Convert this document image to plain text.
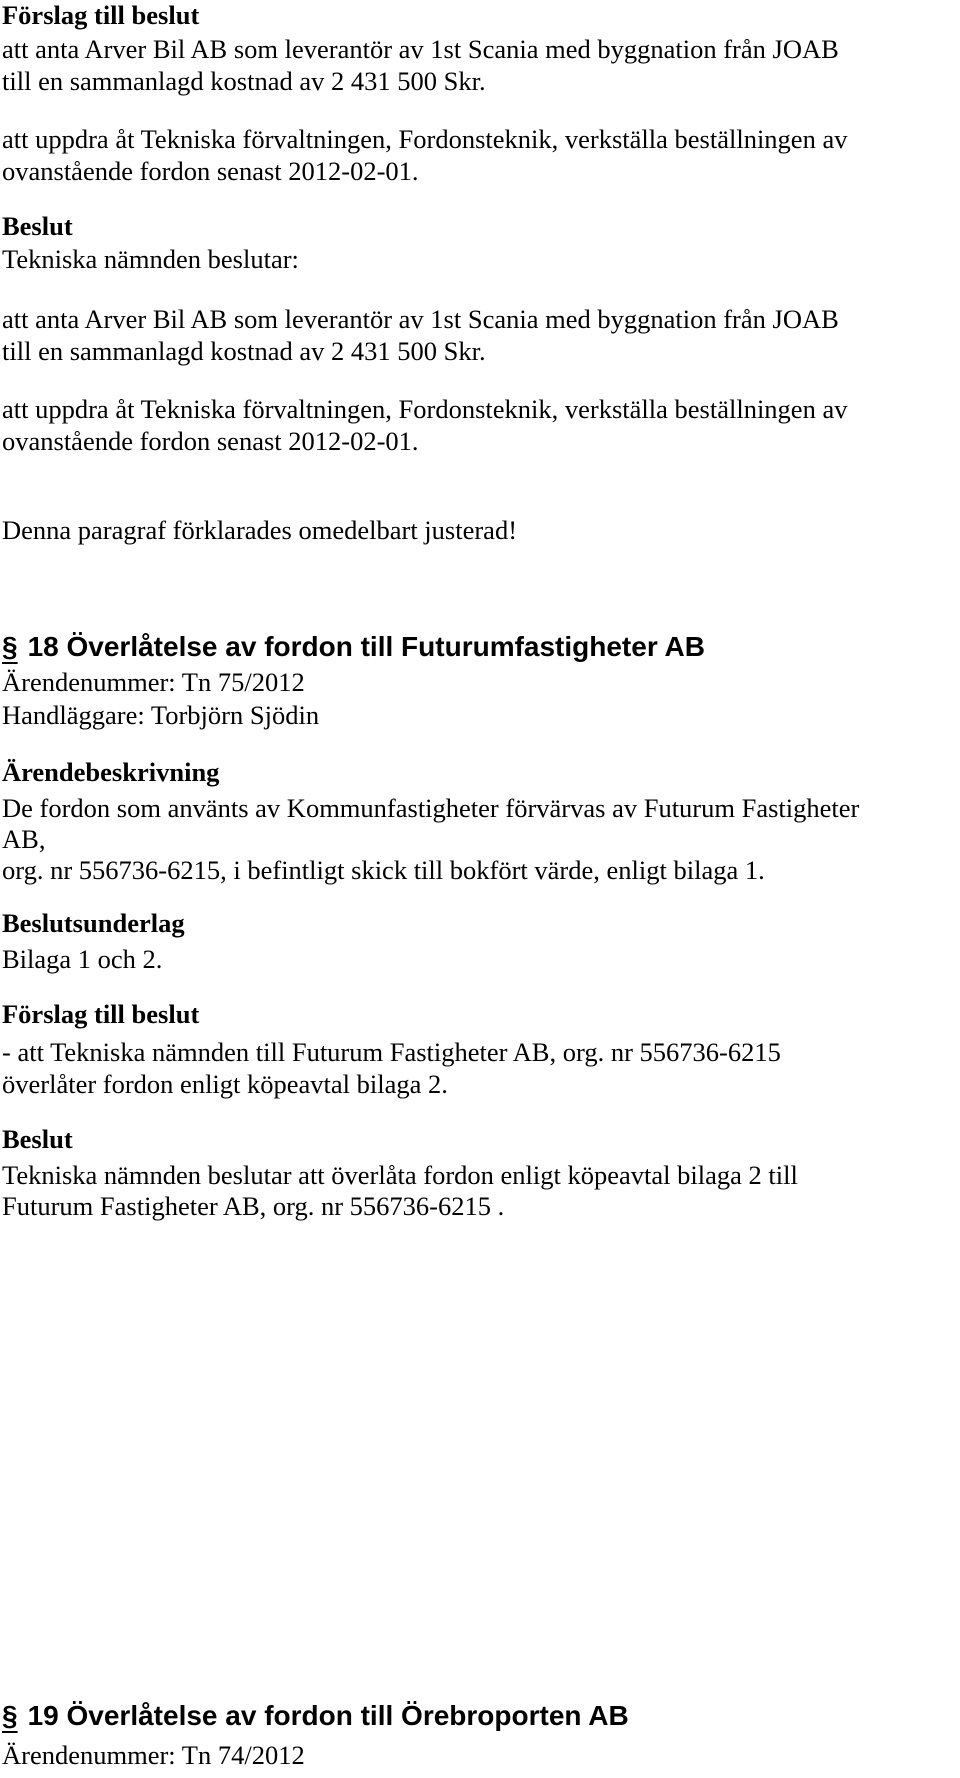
Förslag till beslut
att anta Arver Bil AB som leverantör av 1st Scania med byggnation från JOAB
till en sammanlagd kostnad av 2 431 500 Skr.
att uppdra åt Tekniska förvaltningen, Fordonsteknik, verkställa beställningen av
ovanstående fordon senast 2012-02-01.
Beslut
Tekniska nämnden beslutar:
att anta Arver Bil AB som leverantör av 1st Scania med byggnation från JOAB
till en sammanlagd kostnad av 2 431 500 Skr.
att uppdra åt Tekniska förvaltningen, Fordonsteknik, verkställa beställningen av
ovanstående fordon senast 2012-02-01.
Denna paragraf förklarades omedelbart justerad!
§ 18 Överlåtelse av fordon till Futurumfastigheter AB
Ärendenummer: Tn 75/2012
Handläggare: Torbjörn Sjödin
Ärendebeskrivning
De fordon som använts av Kommunfastigheter förvärvas av Futurum Fastigheter
AB,
org. nr 556736-6215, i befintligt skick till bokfört värde, enligt bilaga 1.
Beslutsunderlag
Bilaga 1 och 2.
Förslag till beslut
- att Tekniska nämnden till Futurum Fastigheter AB, org. nr 556736-6215
överlåter fordon enligt köpeavtal bilaga 2.
Beslut
Tekniska nämnden beslutar att överlåta fordon enligt köpeavtal bilaga 2 till
Futurum Fastigheter AB, org. nr 556736-6215 .
§ 19 Överlåtelse av fordon till Örebroporten AB
Ärendenummer: Tn 74/2012
